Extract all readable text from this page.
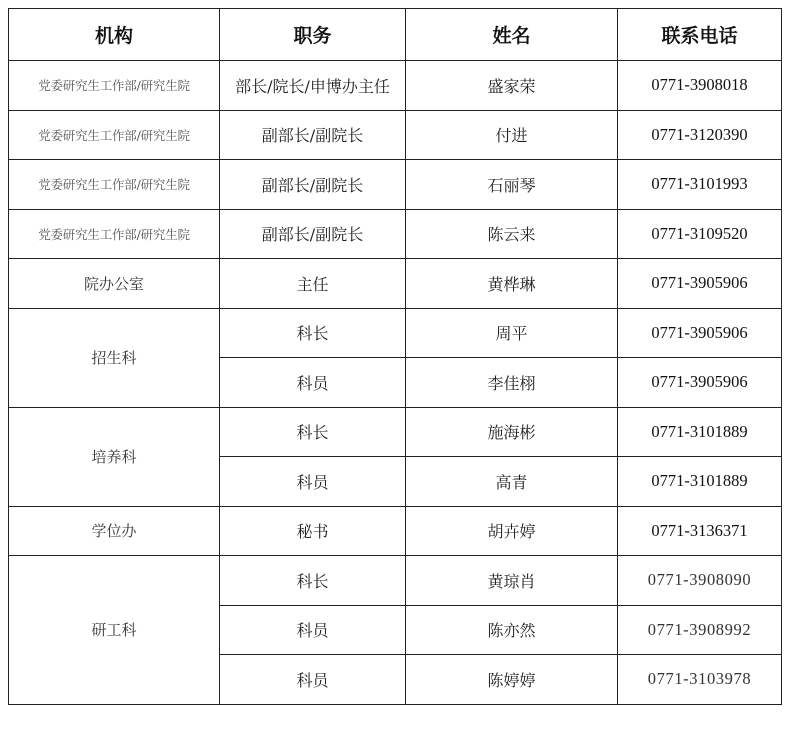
机构	职务	姓名	联系电话
党委研究生工作部/研究生院	部长/院长/申博办主任	盛家荣	0771-3908018
党委研究生工作部/研究生院	副部长/副院长	付进	0771-3120390
党委研究生工作部/研究生院	副部长/副院长	石丽琴	0771-3101993
党委研究生工作部/研究生院	副部长/副院长	陈云来	0771-3109520
院办公室	主任	黄桦琳	0771-3905906
招生科	科长	周平	0771-3905906
	科员	李佳栩	0771-3905906
培养科	科长	施海彬	0771-3101889
	科员	高青	0771-3101889
学位办	秘书	胡卉婷	0771-3136371
研工科	科长	黄琼肖	0771-3908090
	科员	陈亦然	0771-3908992
	科员	陈婷婷	0771-3103978
